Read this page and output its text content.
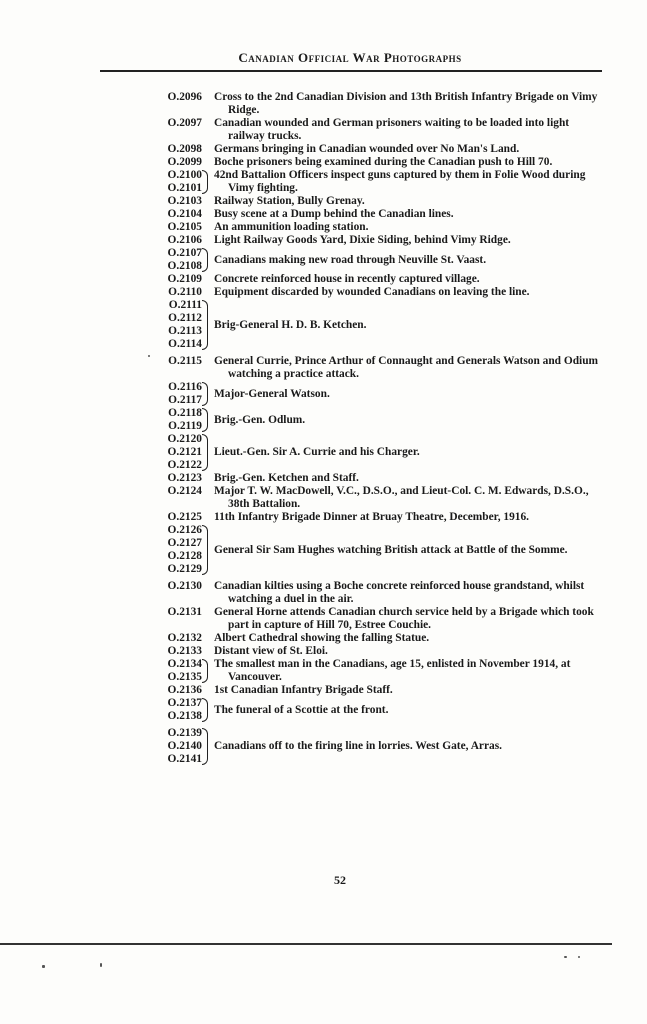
Canadian Official War Photographs
O.2096 Cross to the 2nd Canadian Division and 13th British Infantry Brigade on Vimy Ridge.
O.2097 Canadian wounded and German prisoners waiting to be loaded into light railway trucks.
O.2098 Germans bringing in Canadian wounded over No Man's Land.
O.2099 Boche prisoners being examined during the Canadian push to Hill 70.
O.2100
O.2101
42nd Battalion Officers inspect guns captured by them in Folie Wood during Vimy fighting.
O.2103 Railway Station, Bully Grenay.
O.2104 Busy scene at a Dump behind the Canadian lines.
O.2105 An ammunition loading station.
O.2106 Light Railway Goods Yard, Dixie Siding, behind Vimy Ridge.
O.2107
O.2108
Canadians making new road through Neuville St. Vaast.
O.2109 Concrete reinforced house in recently captured village.
O.2110 Equipment discarded by wounded Canadians on leaving the line.
O.2111
O.2112
O.2113
O.2114
Brig-General H. D. B. Ketchen.
O.2115 General Currie, Prince Arthur of Connaught and Generals Watson and Odium watching a practice attack.
O.2116
O.2117
Major-General Watson.
O.2118
O.2119
Brig.-Gen. Odlum.
O.2120
O.2121
O.2122
Lieut.-Gen. Sir A. Currie and his Charger.
O.2123 Brig.-Gen. Ketchen and Staff.
O.2124 Major T. W. MacDowell, V.C., D.S.O., and Lieut-Col. C. M. Edwards, D.S.O., 38th Battalion.
O.2125 11th Infantry Brigade Dinner at Bruay Theatre, December, 1916.
O.2126
O.2127
O.2128
O.2129
General Sir Sam Hughes watching British attack at Battle of the Somme.
O.2130 Canadian kilties using a Boche concrete reinforced house grandstand, whilst watching a duel in the air.
O.2131 General Horne attends Canadian church service held by a Brigade which took part in capture of Hill 70, Estree Couchie.
O.2132 Albert Cathedral showing the falling Statue.
O.2133 Distant view of St. Eloi.
O.2134
O.2135
The smallest man in the Canadians, age 15, enlisted in November 1914, at Vancouver.
O.2136 1st Canadian Infantry Brigade Staff.
O.2137
O.2138
The funeral of a Scottie at the front.
O.2139
O.2140
O.2141
Canadians off to the firing line in lorries. West Gate, Arras.
52
